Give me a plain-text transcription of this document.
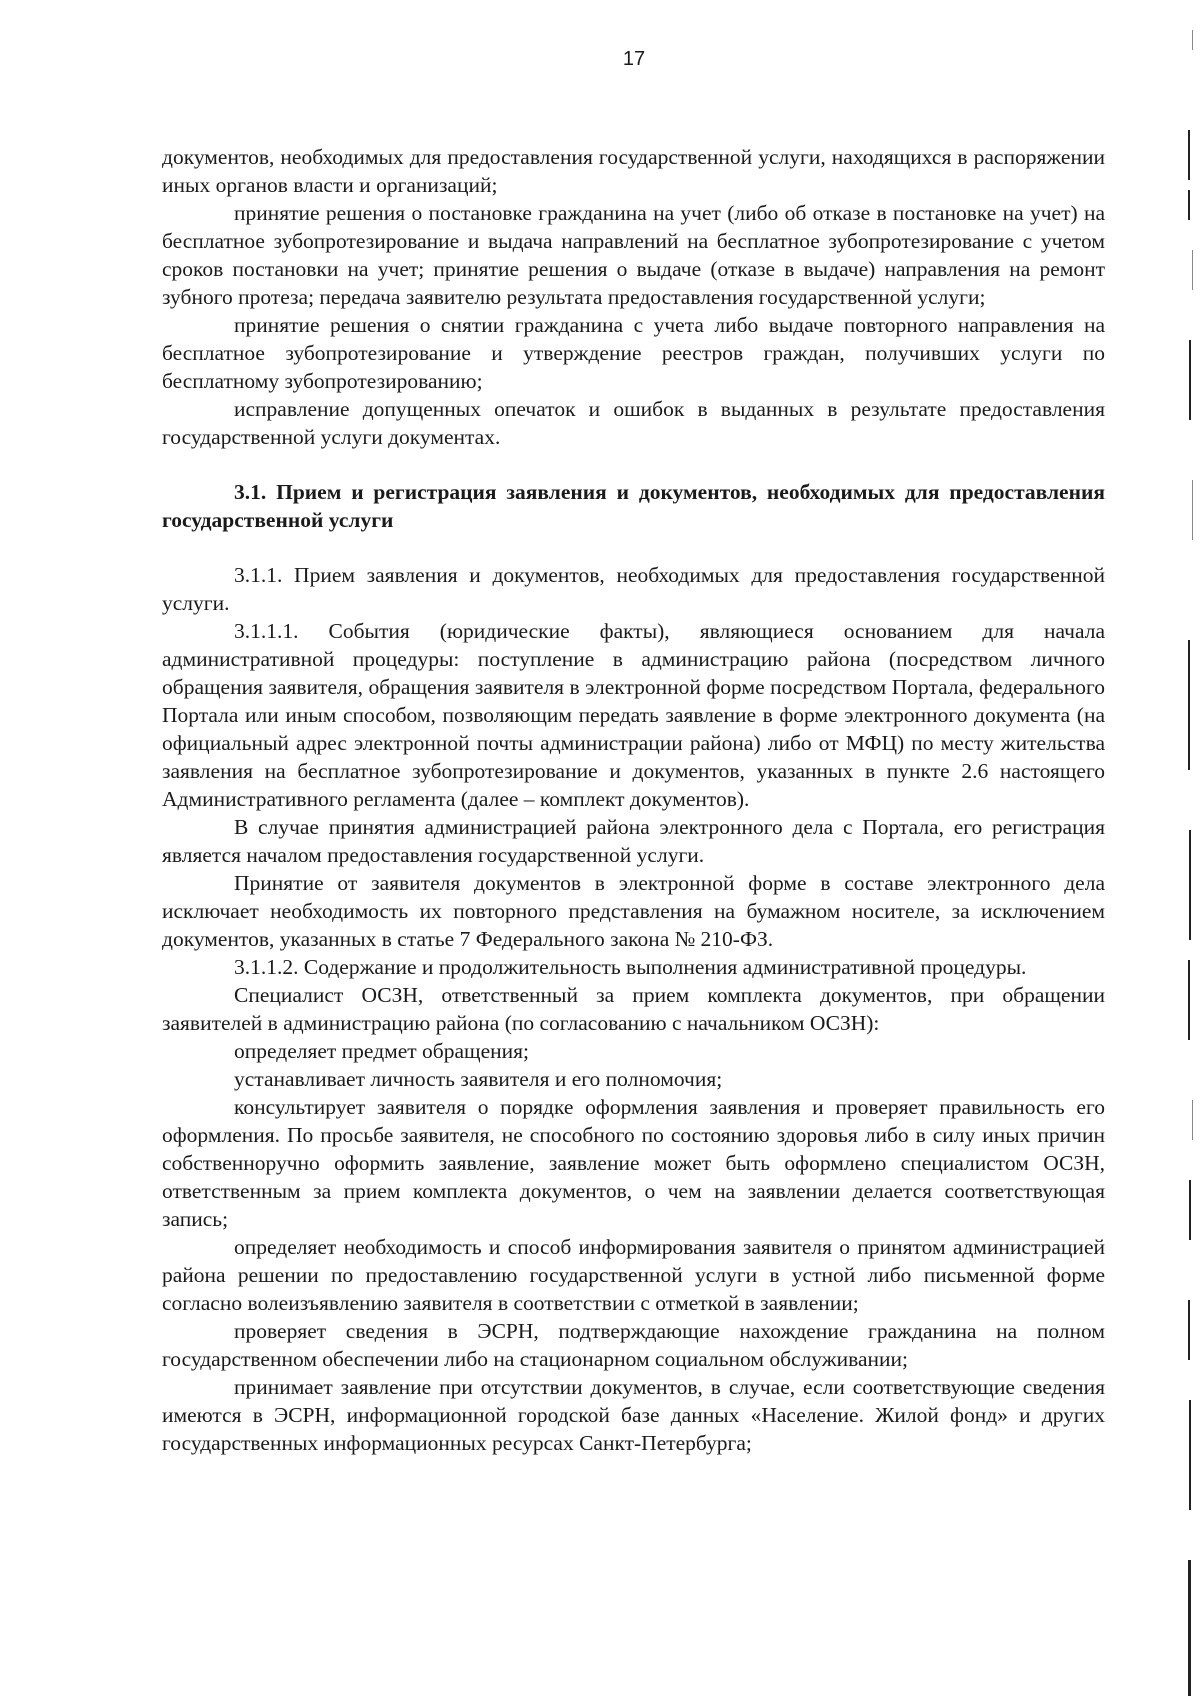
17

документов, необходимых для предоставления государственной услуги, находящихся в распоряжении иных органов власти и организаций;

принятие решения о постановке гражданина на учет (либо об отказе в постановке на учет) на бесплатное зубопротезирование и выдача направлений на бесплатное зубопротезирование с учетом сроков постановки на учет; принятие решения о выдаче (отказе в выдаче) направления на ремонт зубного протеза; передача заявителю результата предоставления государственной услуги;

принятие решения о снятии гражданина с учета либо выдаче повторного направления на бесплатное зубопротезирование и утверждение реестров граждан, получивших услуги по бесплатному зубопротезированию;

исправление допущенных опечаток и ошибок в выданных в результате предоставления государственной услуги документах.

3.1. Прием и регистрация заявления и документов, необходимых для предоставления государственной услуги

3.1.1. Прием заявления и документов, необходимых для предоставления государственной услуги.

3.1.1.1. События (юридические факты), являющиеся основанием для начала административной процедуры: поступление в администрацию района (посредством личного обращения заявителя, обращения заявителя в электронной форме посредством Портала, федерального Портала или иным способом, позволяющим передать заявление в форме электронного документа (на официальный адрес электронной почты администрации района) либо от МФЦ) по месту жительства заявления на бесплатное зубопротезирование и документов, указанных в пункте 2.6 настоящего Административного регламента (далее – комплект документов).

В случае принятия администрацией района электронного дела с Портала, его регистрация является началом предоставления государственной услуги.

Принятие от заявителя документов в электронной форме в составе электронного дела исключает необходимость их повторного представления на бумажном носителе, за исключением документов, указанных в статье 7 Федерального закона № 210-ФЗ.

3.1.1.2. Содержание и продолжительность выполнения административной процедуры.

Специалист ОСЗН, ответственный за прием комплекта документов, при обращении заявителей в администрацию района (по согласованию с начальником ОСЗН):

определяет предмет обращения;

устанавливает личность заявителя и его полномочия;

консультирует заявителя о порядке оформления заявления и проверяет правильность его оформления. По просьбе заявителя, не способного по состоянию здоровья либо в силу иных причин собственноручно оформить заявление, заявление может быть оформлено специалистом ОСЗН, ответственным за прием комплекта документов, о чем на заявлении делается соответствующая запись;

определяет необходимость и способ информирования заявителя о принятом администрацией района решении по предоставлению государственной услуги в устной либо письменной форме согласно волеизъявлению заявителя в соответствии с отметкой в заявлении;

проверяет сведения в ЭСРН, подтверждающие нахождение гражданина на полном государственном обеспечении либо на стационарном социальном обслуживании;

принимает заявление при отсутствии документов, в случае, если соответствующие сведения имеются в ЭСРН, информационной городской базе данных «Население. Жилой фонд» и других государственных информационных ресурсах Санкт-Петербурга;
